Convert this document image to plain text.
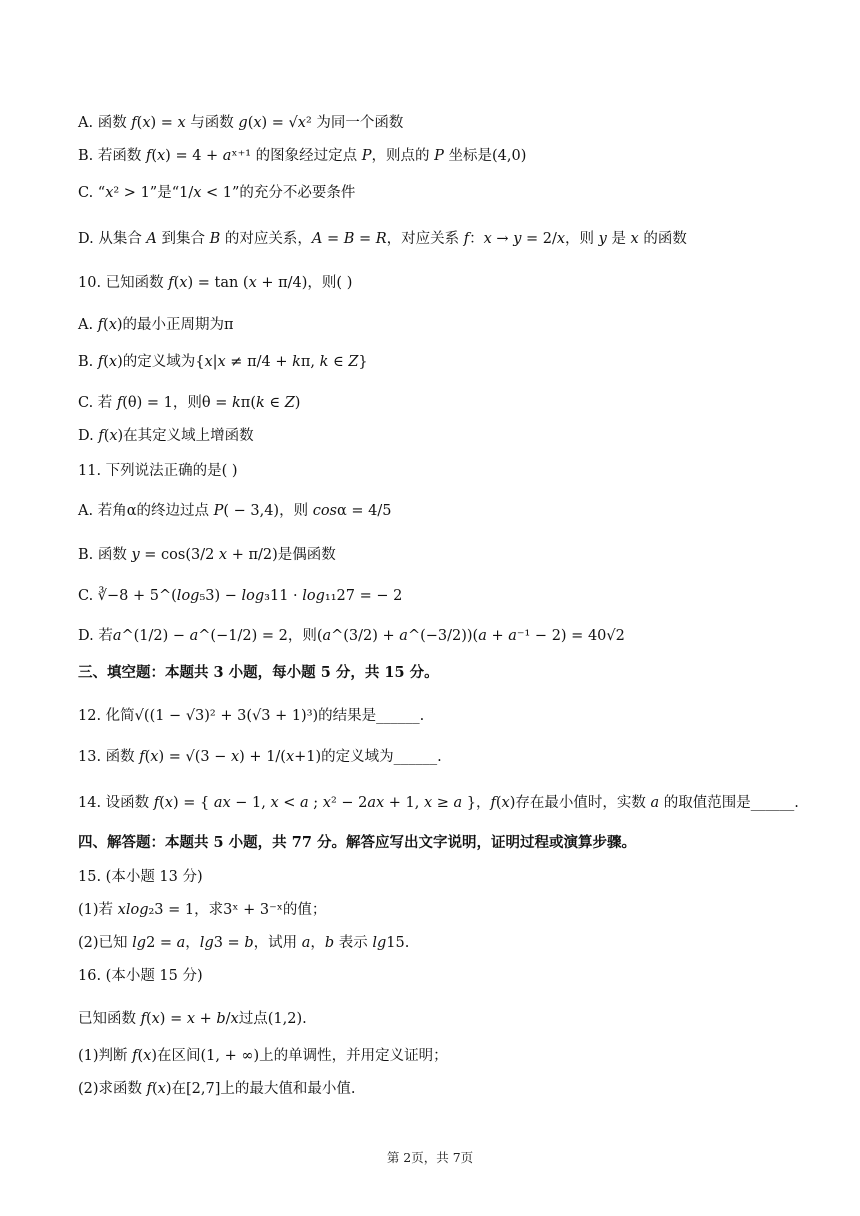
A. 函数 𝑓(𝑥) = 𝑥 与函数 𝑔(𝑥) = √𝑥² 为同一个函数
B. 若函数 𝑓(𝑥) = 4 + 𝑎ˣ⁺¹ 的图象经过定点 𝑃，则点的 𝑃 坐标是(4,0)
C. “𝑥² > 1”是“1/𝑥 < 1”的充分不必要条件
D. 从集合 𝐴 到集合 𝐵 的对应关系，𝐴 = 𝐵 = 𝑅，对应关系 𝑓：𝑥 → 𝑦 = 2/𝑥，则 𝑦 是 𝑥 的函数
10. 已知函数 𝑓(𝑥) = tan (𝑥 + π/4)，则( )
A. 𝑓(𝑥)的最小正周期为π
B. 𝑓(𝑥)的定义域为{𝑥|𝑥 ≠ π/4 + 𝑘π, 𝑘 ∈ 𝑍}
C. 若 𝑓(θ) = 1，则θ = 𝑘π(𝑘 ∈ 𝑍)
D. 𝑓(𝑥)在其定义域上增函数
11. 下列说法正确的是( )
A. 若角α的终边过点 𝑃( − 3,4)，则 𝑐𝑜𝑠α = 4/5
B. 函数 𝑦 = cos(3/2 𝑥 + π/2)是偶函数
C. ∛−8 + 5^(𝑙𝑜𝑔₅3) − 𝑙𝑜𝑔₃11 · 𝑙𝑜𝑔₁₁27 = − 2
D. 若𝑎^(1/2) − 𝑎^(−1/2) = 2，则(𝑎^(3/2) + 𝑎^(−3/2))(𝑎 + 𝑎⁻¹ − 2) = 40√2
三、填空题：本题共 3 小题，每小题 5 分，共 15 分。
12. 化简√((1 − √3)² + 3(√3 + 1)³)的结果是______.
13. 函数 𝑓(𝑥) = √(3 − 𝑥) + 1/(𝑥+1)的定义域为______.
14. 设函数 𝑓(𝑥) = { 𝑎𝑥 − 1, 𝑥 < 𝑎 ; 𝑥² − 2𝑎𝑥 + 1, 𝑥 ≥ 𝑎 }，𝑓(𝑥)存在最小值时，实数 𝑎 的取值范围是______.
四、解答题：本题共 5 小题，共 77 分。解答应写出文字说明，证明过程或演算步骤。
15. (本小题 13 分)
(1)若 𝑥𝑙𝑜𝑔₂3 = 1，求3ˣ + 3⁻ˣ的值；
(2)已知 𝑙𝑔2 = 𝑎，𝑙𝑔3 = 𝑏，试用 𝑎，𝑏 表示 𝑙𝑔15.
16. (本小题 15 分)
已知函数 𝑓(𝑥) = 𝑥 + 𝑏/𝑥过点(1,2).
(1)判断 𝑓(𝑥)在区间(1, + ∞)上的单调性，并用定义证明；
(2)求函数 𝑓(𝑥)在[2,7]上的最大值和最小值.
第 2页，共 7页
